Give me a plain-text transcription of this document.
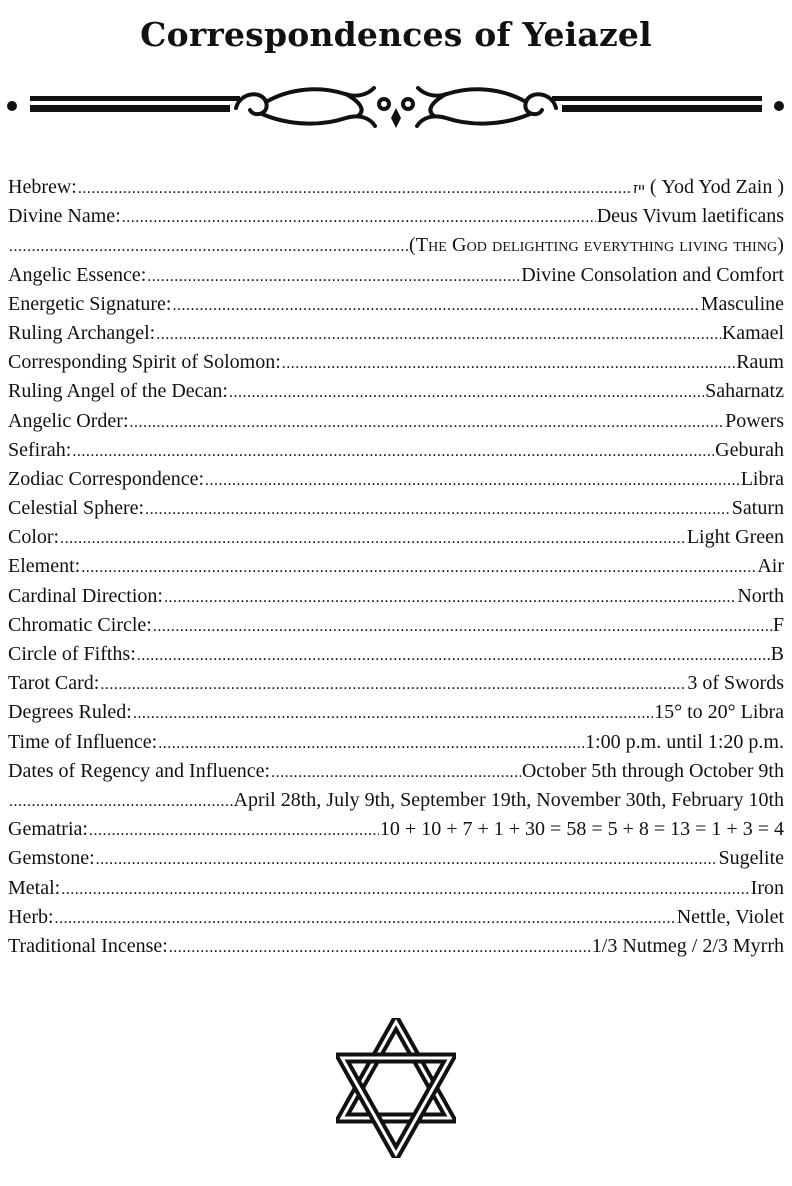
Correspondences of Yeiazel
Hebrew: .....	ייז ( Yod Yod Zain )
Divine Name: .....	Deus Vivum laetificans
.....
(The God delighting everything living thing)
Angelic Essence: .....	Divine Consolation and Comfort
Energetic Signature: .....	Masculine
Ruling Archangel: .....	Kamael
Corresponding Spirit of Solomon: .....	Raum
Ruling Angel of the Decan: .....	Saharnatz
Angelic Order: .....	Powers
Sefirah: .....	Geburah
Zodiac Correspondence: .....	Libra
Celestial Sphere: .....	Saturn
Color: .....	Light Green
Element: .....	Air
Cardinal Direction: .....	North
Chromatic Circle: .....	F
Circle of Fifths: .....	B
Tarot Card: .....	3 of Swords
Degrees Ruled: .....	15° to 20° Libra
Time of Influence: .....	1:00 p.m. until 1:20 p.m.
Dates of Regency and Influence: .....	October 5th through October 9th
.....
April 28th, July 9th, September 19th, November 30th, February 10th
Gematria: .....	10 + 10 + 7 + 1 + 30 = 58 = 5 + 8 = 13 = 1 + 3 = 4
Gemstone: .....	Sugelite
Metal: .....	Iron
Herb: .....	Nettle, Violet
Traditional Incense: .....	1/3 Nutmeg / 2/3 Myrrh
